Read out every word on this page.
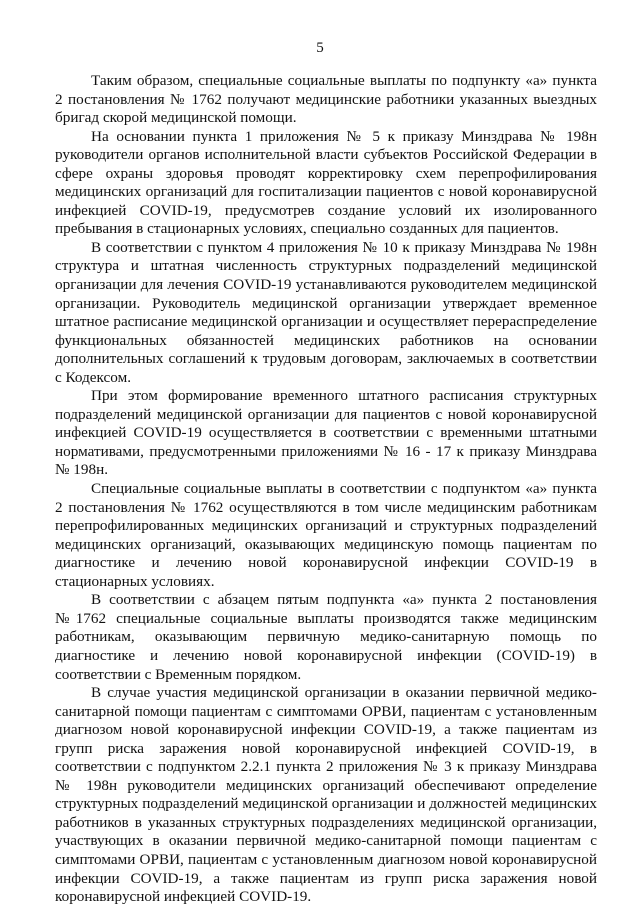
5

Таким образом, специальные социальные выплаты по подпункту «а» пункта 2 постановления № 1762 получают медицинские работники указанных выездных бригад скорой медицинской помощи.

На основании пункта 1 приложения № 5 к приказу Минздрава № 198н руководители органов исполнительной власти субъектов Российской Федерации в сфере охраны здоровья проводят корректировку схем перепрофилирования медицинских организаций для госпитализации пациентов с новой коронавирусной инфекцией COVID-19, предусмотрев создание условий их изолированного пребывания в стационарных условиях, специально созданных для пациентов.

В соответствии с пунктом 4 приложения № 10 к приказу Минздрава № 198н структура и штатная численность структурных подразделений медицинской организации для лечения COVID-19 устанавливаются руководителем медицинской организации. Руководитель медицинской организации утверждает временное штатное расписание медицинской организации и осуществляет перераспределение функциональных обязанностей медицинских работников на основании дополнительных соглашений к трудовым договорам, заключаемых в соответствии с Кодексом.

При этом формирование временного штатного расписания структурных подразделений медицинской организации для пациентов с новой коронавирусной инфекцией COVID-19 осуществляется в соответствии с временными штатными нормативами, предусмотренными приложениями № 16 - 17 к приказу Минздрава № 198н.

Специальные социальные выплаты в соответствии с подпунктом «а» пункта 2 постановления № 1762 осуществляются в том числе медицинским работникам перепрофилированных медицинских организаций и структурных подразделений медицинских организаций, оказывающих медицинскую помощь пациентам по диагностике и лечению новой коронавирусной инфекции COVID-19 в стационарных условиях.

В соответствии с абзацем пятым подпункта «а» пункта 2 постановления №1762 специальные социальные выплаты производятся также медицинским работникам, оказывающим первичную медико-санитарную помощь по диагностике и лечению новой коронавирусной инфекции (COVID-19) в соответствии с Временным порядком.

В случае участия медицинской организации в оказании первичной медико-санитарной помощи пациентам с симптомами ОРВИ, пациентам с установленным диагнозом новой коронавирусной инфекции COVID-19, а также пациентам из групп риска заражения новой коронавирусной инфекцией COVID-19, в соответствии с подпунктом 2.2.1 пункта 2 приложения № 3 к приказу Минздрава № 198н руководители медицинских организаций обеспечивают определение структурных подразделений медицинской организации и должностей медицинских работников в указанных структурных подразделениях медицинской организации, участвующих в оказании первичной медико-санитарной помощи пациентам с симптомами ОРВИ, пациентам с установленным диагнозом новой коронавирусной инфекции COVID-19, а также пациентам из групп риска заражения новой коронавирусной инфекцией COVID-19.
